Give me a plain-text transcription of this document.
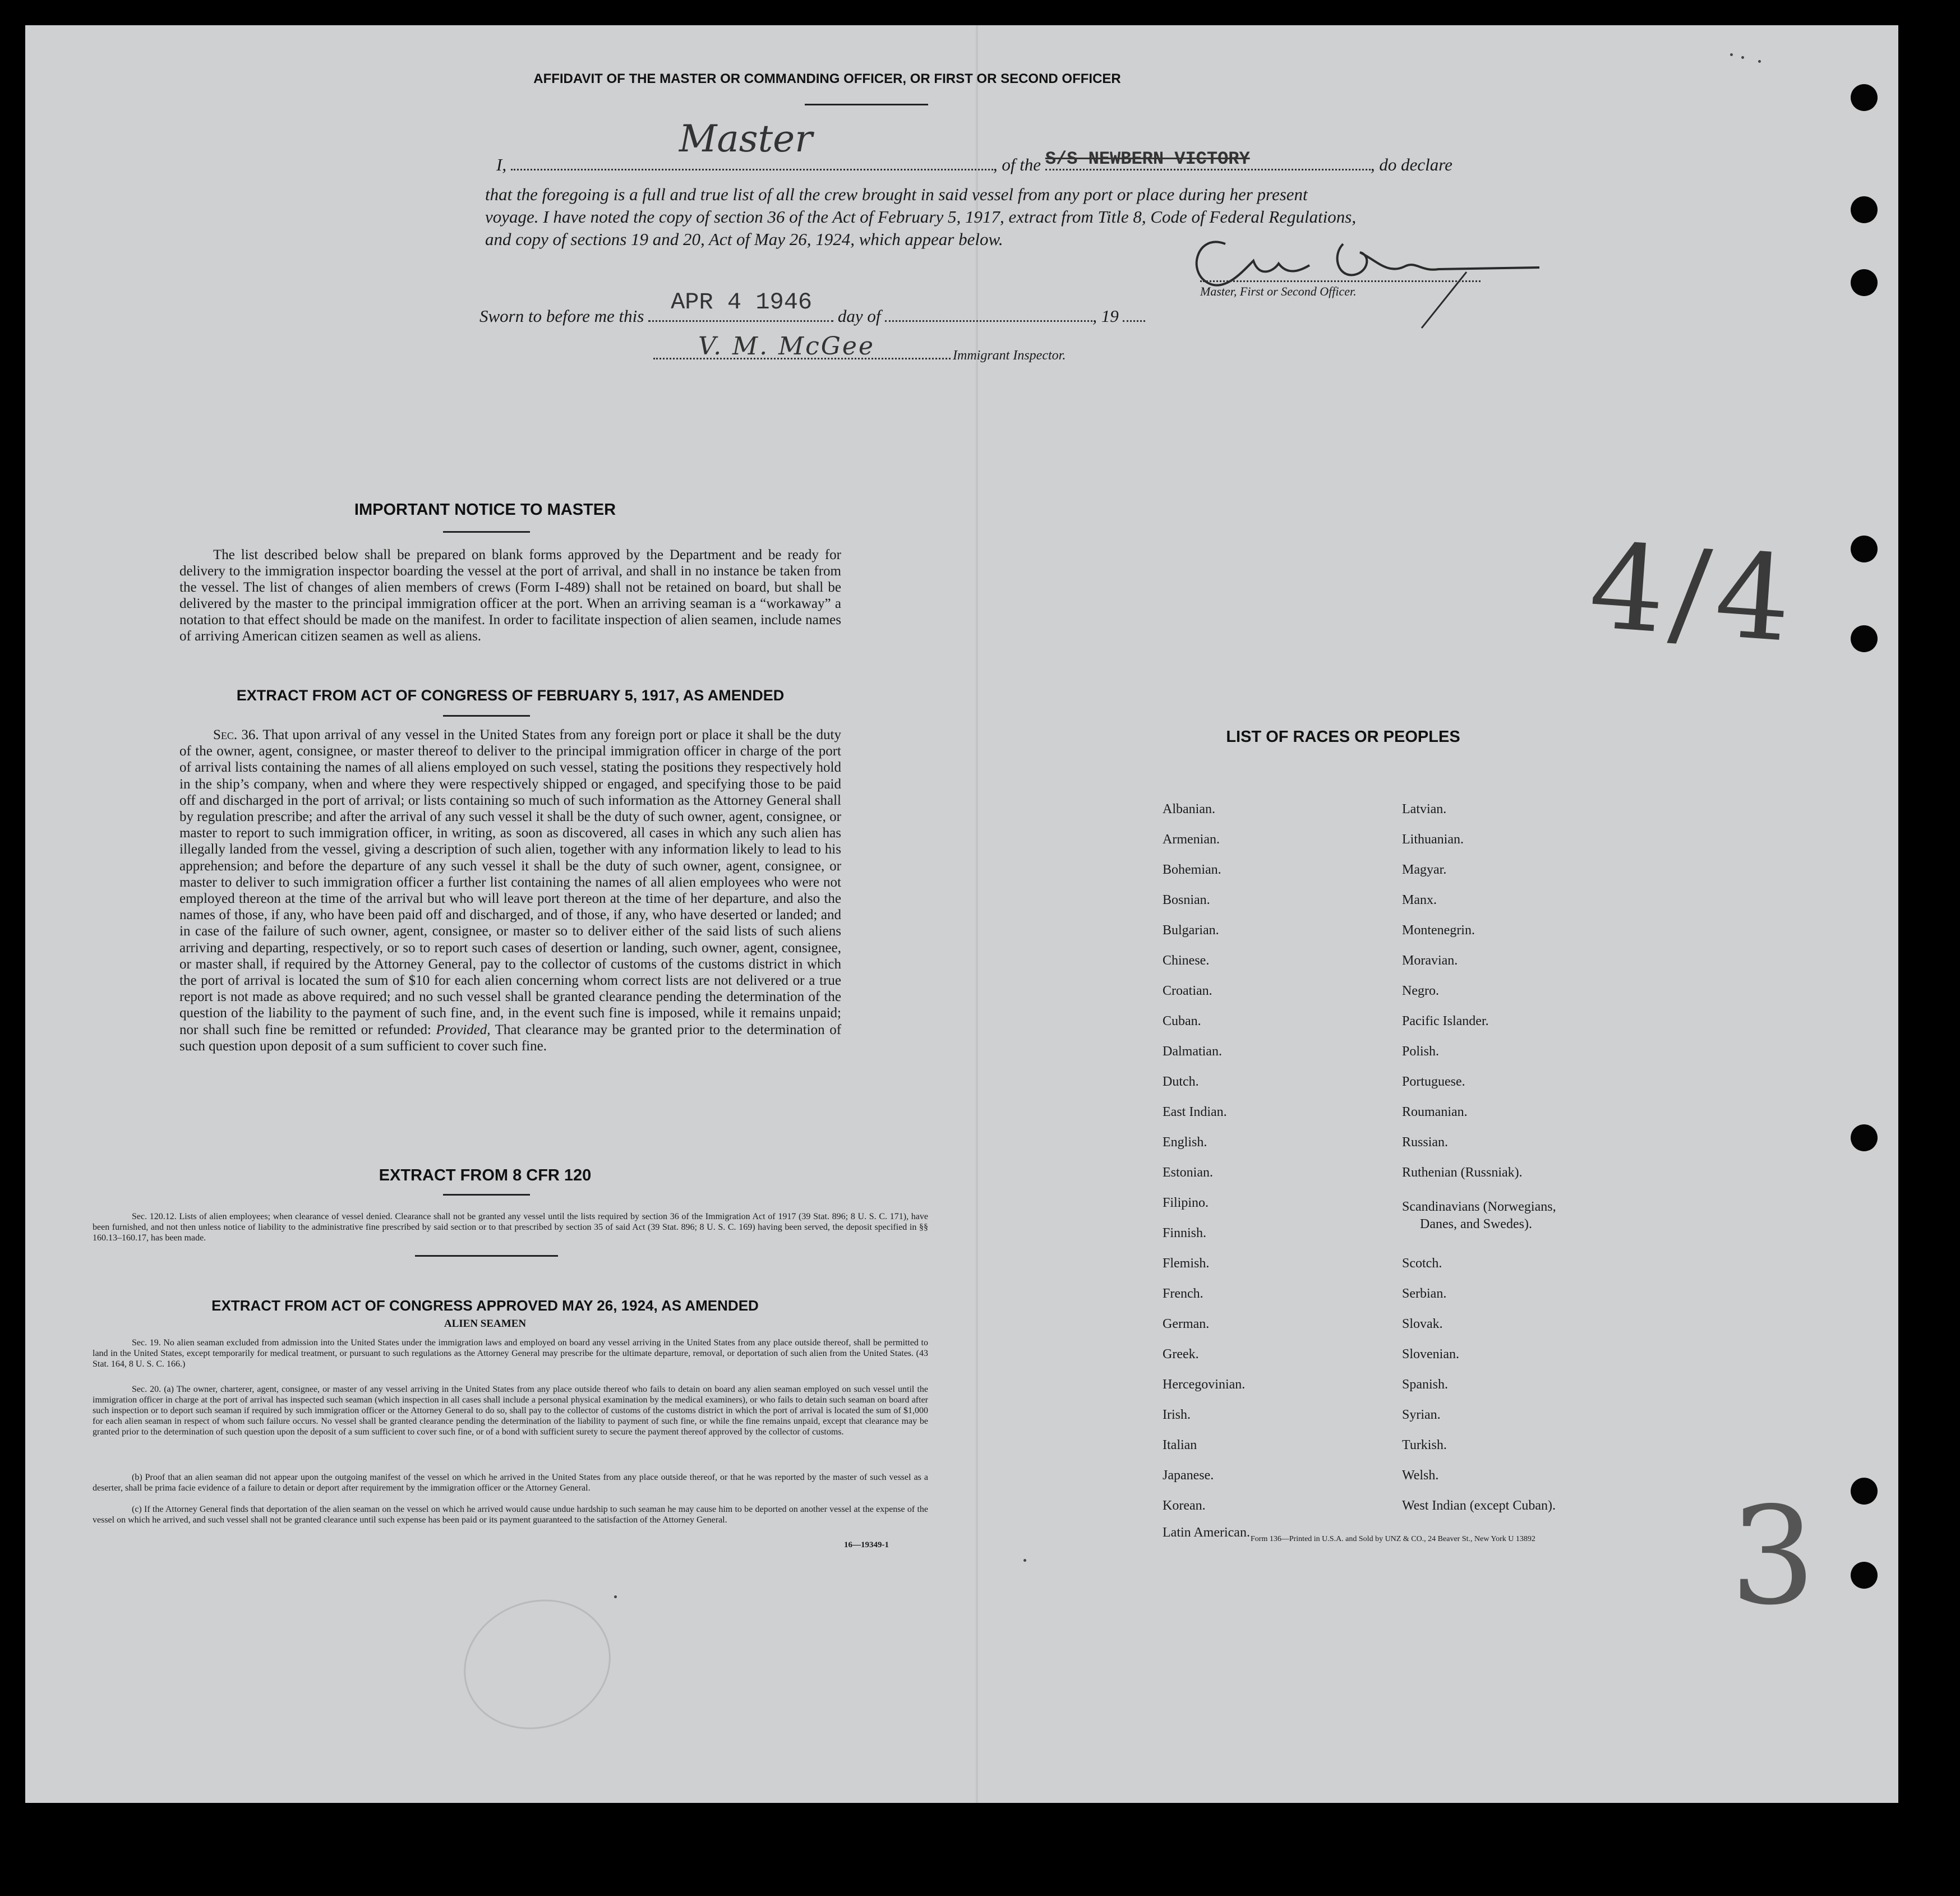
AFFIDAVIT OF THE MASTER OR COMMANDING OFFICER, OR FIRST OR SECOND OFFICER
I,
Master
, of the S/S NEWBERN VICTORY	, do declare
that the foregoing is a full and true list of all the crew brought in said vessel from any port or place during her present
voyage. I have noted the copy of section 36 of the Act of February 5, 1917, extract from Title 8, Code of Federal Regulations,
and copy of sections 19 and 20, Act of May 26, 1924, which appear below.
Master, First or Second Officer.
Sworn to before me this
APR 4 1946
day of	, 19
V. M. McGee	Immigrant Inspector.
IMPORTANT NOTICE TO MASTER
The list described below shall be prepared on blank forms approved by the Department and be ready for delivery to the immigration inspector boarding the vessel at the port of arrival, and shall in no instance be taken from the vessel. The list of changes of alien members of crews (Form I-489) shall not be retained on board, but shall be delivered by the master to the principal immigration officer at the port. When an arriving seaman is a “workaway” a notation to that effect should be made on the manifest. In order to facilitate inspection of alien seamen, include names of arriving American citizen seamen as well as aliens.
EXTRACT FROM ACT OF CONGRESS OF FEBRUARY 5, 1917, AS AMENDED
Sec. 36. That upon arrival of any vessel in the United States from any foreign port or place it shall be the duty of the owner, agent, consignee, or master thereof to deliver to the principal immigration officer in charge of the port of arrival lists containing the names of all aliens employed on such vessel, stating the positions they respectively hold in the ship’s company, when and where they were respectively shipped or engaged, and specifying those to be paid off and discharged in the port of arrival; or lists containing so much of such information as the Attorney General shall by regulation prescribe; and after the arrival of any such vessel it shall be the duty of such owner, agent, consignee, or master to report to such immigration officer, in writing, as soon as discovered, all cases in which any such alien has illegally landed from the vessel, giving a description of such alien, together with any information likely to lead to his apprehension; and before the departure of any such vessel it shall be the duty of such owner, agent, consignee, or master to deliver to such immigration officer a further list containing the names of all alien employees who were not employed thereon at the time of the arrival but who will leave port thereon at the time of her departure, and also the names of those, if any, who have been paid off and discharged, and of those, if any, who have deserted or landed; and in case of the failure of such owner, agent, consignee, or master so to deliver either of the said lists of such aliens arriving and departing, respectively, or so to report such cases of desertion or landing, such owner, agent, consignee, or master shall, if required by the Attorney General, pay to the collector of customs of the customs district in which the port of arrival is located the sum of $10 for each alien concerning whom correct lists are not delivered or a true report is not made as above required; and no such vessel shall be granted clearance pending the determination of the question of the liability to the payment of such fine, and, in the event such fine is imposed, while it remains unpaid; nor shall such fine be remitted or refunded: Provided, That clearance may be granted prior to the determination of such question upon deposit of a sum sufficient to cover such fine.
EXTRACT FROM 8 CFR 120
Sec. 120.12. Lists of alien employees; when clearance of vessel denied. Clearance shall not be granted any vessel until the lists required by section 36 of the Immigration Act of 1917 (39 Stat. 896; 8 U. S. C. 171), have been furnished, and not then unless notice of liability to the administrative fine prescribed by said section or to that prescribed by section 35 of said Act (39 Stat. 896; 8 U. S. C. 169) having been served, the deposit specified in §§ 160.13–160.17, has been made.
EXTRACT FROM ACT OF CONGRESS APPROVED MAY 26, 1924, AS AMENDED
ALIEN SEAMEN
Sec. 19. No alien seaman excluded from admission into the United States under the immigration laws and employed on board any vessel arriving in the United States from any place outside thereof, shall be permitted to land in the United States, except temporarily for medical treatment, or pursuant to such regulations as the Attorney General may prescribe for the ultimate departure, removal, or deportation of such alien from the United States. (43 Stat. 164, 8 U. S. C. 166.)
Sec. 20. (a) The owner, charterer, agent, consignee, or master of any vessel arriving in the United States from any place outside thereof who fails to detain on board any alien seaman employed on such vessel until the immigration officer in charge at the port of arrival has inspected such seaman (which inspection in all cases shall include a personal physical examination by the medical examiners), or who fails to detain such seaman on board after such inspection or to deport such seaman if required by such immigration officer or the Attorney General to do so, shall pay to the collector of customs of the customs district in which the port of arrival is located the sum of $1,000 for each alien seaman in respect of whom such failure occurs. No vessel shall be granted clearance pending the determination of the liability to payment of such fine, or while the fine remains unpaid, except that clearance may be granted prior to the determination of such question upon the deposit of a sum sufficient to cover such fine, or of a bond with sufficient surety to secure the payment thereof approved by the collector of customs.
(b) Proof that an alien seaman did not appear upon the outgoing manifest of the vessel on which he arrived in the United States from any place outside thereof, or that he was reported by the master of such vessel as a deserter, shall be prima facie evidence of a failure to detain or deport after requirement by the immigration officer or the Attorney General.
(c) If the Attorney General finds that deportation of the alien seaman on the vessel on which he arrived would cause undue hardship to such seaman he may cause him to be deported on another vessel at the expense of the vessel on which he arrived, and such vessel shall not be granted clearance until such expense has been paid or its payment guaranteed to the satisfaction of the Attorney General.
16—19349-1
LIST OF RACES OR PEOPLES
Albanian.
Armenian.
Bohemian.
Bosnian.
Bulgarian.
Chinese.
Croatian.
Cuban.
Dalmatian.
Dutch.
East Indian.
English.
Estonian.
Filipino.
Finnish.
Flemish.
French.
German.
Greek.
Hercegovinian.
Irish.
Italian
Japanese.
Korean.
Latin American.
Latvian.
Lithuanian.
Magyar.
Manx.
Montenegrin.
Moravian.
Negro.
Pacific Islander.
Polish.
Portuguese.
Roumanian.
Russian.
Ruthenian (Russniak).
Scandinavians (Norwegians,
Danes, and Swedes).
Scotch.
Serbian.
Slovak.
Slovenian.
Spanish.
Syrian.
Turkish.
Welsh.
West Indian (except Cuban).
Form 136—Printed in U.S.A. and Sold by UNZ & CO., 24 Beaver St., New York U 13892
4/4
3
